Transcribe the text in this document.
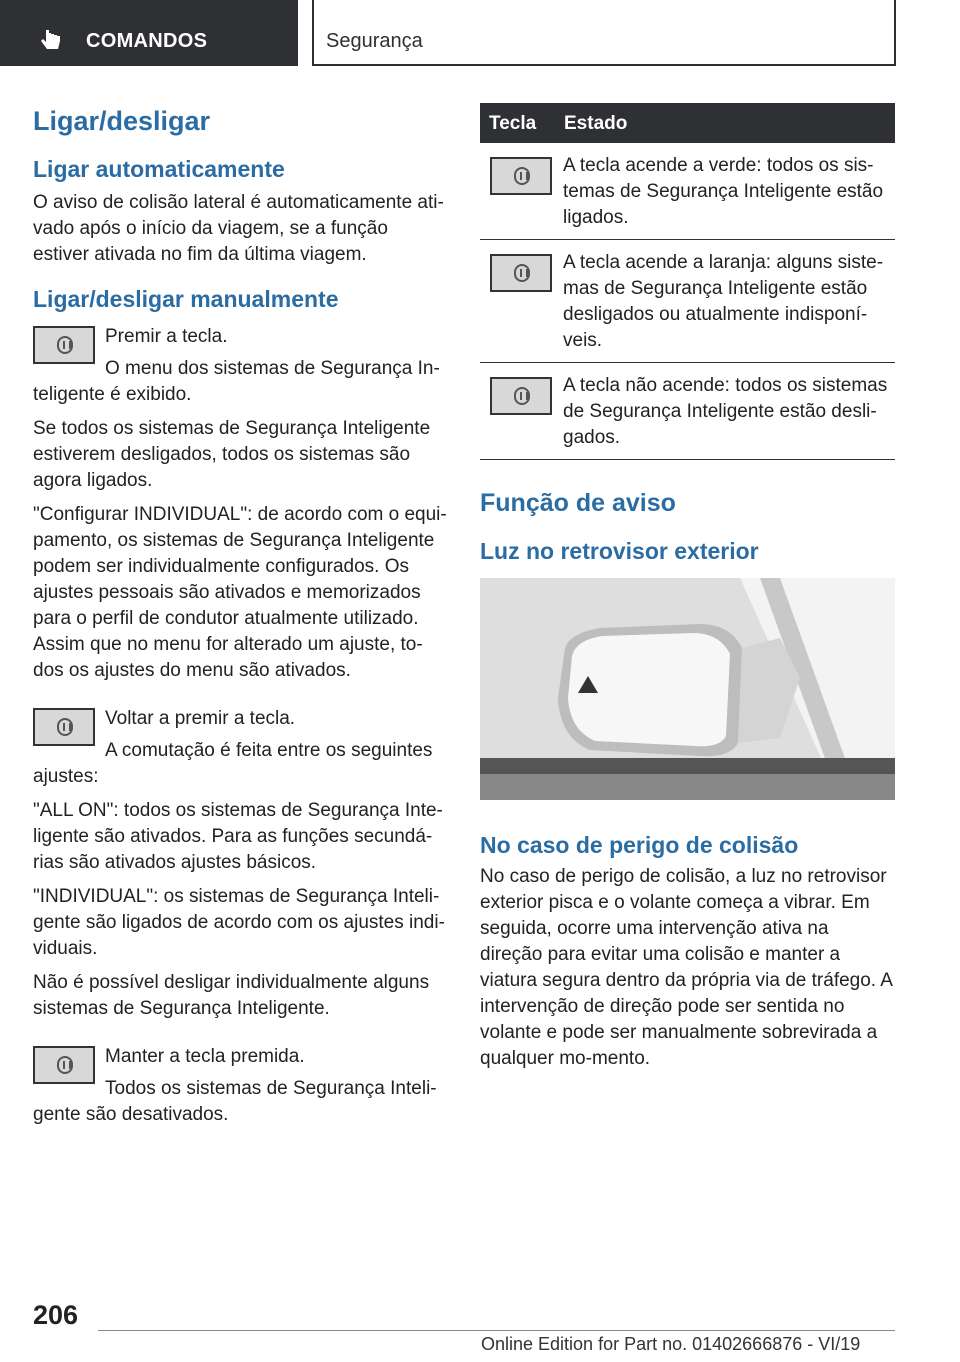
COMANDOS	Segurança
Ligar/desligar
Ligar automaticamente
O aviso de colisão lateral é automaticamente ati-vado após o início da viagem, se a função estiver ativada no fim da última viagem.
Ligar/desligar manualmente
Premir a tecla.
O menu dos sistemas de Segurança In-teligente é exibido.
Se todos os sistemas de Segurança Inteligente estiverem desligados, todos os sistemas são agora ligados.
"Configurar INDIVIDUAL": de acordo com o equi-pamento, os sistemas de Segurança Inteligente podem ser individualmente configurados. Os ajustes pessoais são ativados e memorizados para o perfil de condutor atualmente utilizado. Assim que no menu for alterado um ajuste, to-dos os ajustes do menu são ativados.
Voltar a premir a tecla.
A comutação é feita entre os seguintes ajustes:
"ALL ON": todos os sistemas de Segurança Inte-ligente são ativados. Para as funções secundá-rias são ativados ajustes básicos.
"INDIVIDUAL": os sistemas de Segurança Inteli-gente são ligados de acordo com os ajustes indi-viduais.
Não é possível desligar individualmente alguns sistemas de Segurança Inteligente.
Manter a tecla premida.
Todos os sistemas de Segurança Inteli-gente são desativados.
Tecla Estado
A tecla acende a verde: todos os sis-temas de Segurança Inteligente estão ligados.
A tecla acende a laranja: alguns siste-mas de Segurança Inteligente estão desligados ou atualmente indisponí-veis.
A tecla não acende: todos os sistemas de Segurança Inteligente estão desli-gados.
Função de aviso
Luz no retrovisor exterior
No caso de perigo de colisão
No caso de perigo de colisão, a luz no retrovisor exterior pisca e o volante começa a vibrar. Em seguida, ocorre uma intervenção ativa na direção para evitar uma colisão e manter a viatura segura dentro da própria via de tráfego. A intervenção de direção pode ser sentida no volante e pode ser manualmente sobrevirada a qualquer mo-mento.
206
Online Edition for Part no. 01402666876 - VI/19
